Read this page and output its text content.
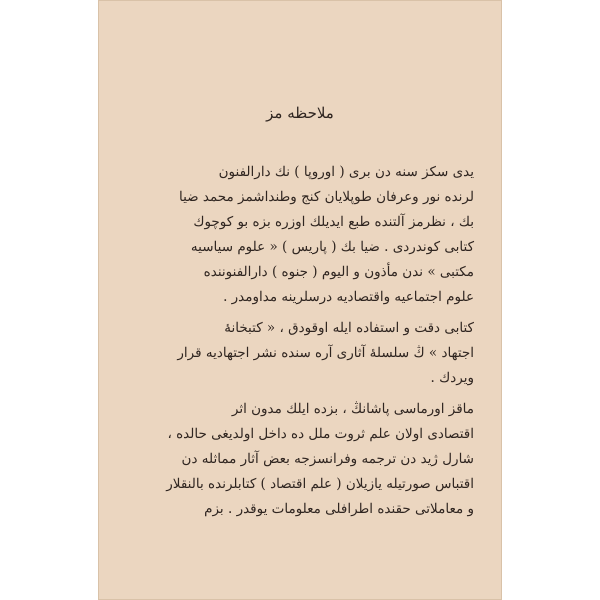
ملاحظه مز
يدى سكز سنه دن برى ( اوروپا ) نك دارالفنون
لرنده نور وعرفان طوپلايان كنج وطنداشمز محمد ضيا
بك ، نظرمز آلتنده طبع ايديلك اوزره بزه بو كوچوك
كتابى كوندردى . ضيا بك ( پاريس ) « علوم سياسيه
مكتبى » ندن مأذون و اليوم ( جنوه ) دارالفنوننده
علوم اجتماعيه واقتصاديه درسلرينه مداومدر .
كتابى دقت و استفاده ايله اوقودق ، « كتبخانۀ
اجتهاد » ڭ سلسلهٔ آثارى آره سنده نشر اجتهاديه قرار
ويردك .
ماقز اورماسى پاشانڭ ، بزده ايلك مدون اثر
اقتصادى اولان علم ثروت ملل ده داخل اولديغى حالده ،
شارل ژيد دن ترجمه وفرانسزجه بعض آثار مماثله دن
اقتباس صورتيله يازيلان ( علم اقتصاد ) كتابلرنده بالنقلار
و معاملاتى حقنده اطرافلى معلومات يوقدر . بزم
